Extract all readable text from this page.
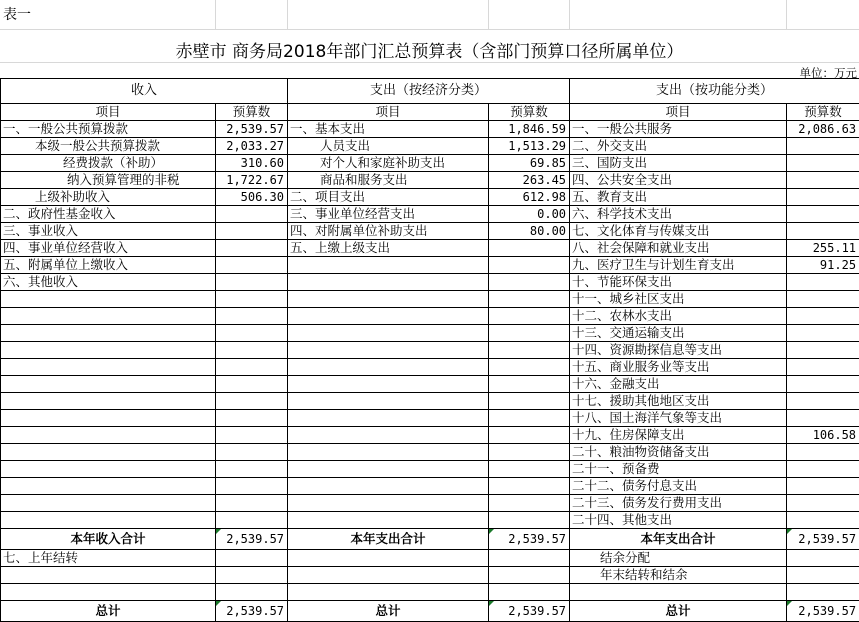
表一
赤壁市 商务局2018年部门汇总预算表（含部门预算口径所属单位）
单位：万元
收入		支出（按经济分类）		支出（按功能分类）	
项目	预算数	项目	预算数	项目	预算数
一、一般公共预算拨款	2,539.57	一、基本支出	1,846.59	一、一般公共服务	2,086.63
本级一般公共预算拨款	2,033.27	人员支出	1,513.29	二、外交支出	
经费拨款（补助）	310.60	对个人和家庭补助支出	69.85	三、国防支出	
纳入预算管理的非税	1,722.67	商品和服务支出	263.45	四、公共安全支出	
上级补助收入	506.30	二、项目支出	612.98	五、教育支出	
二、政府性基金收入		三、事业单位经营支出	0.00	六、科学技术支出	
三、事业收入		四、对附属单位补助支出	80.00	七、文化体育与传媒支出	
四、事业单位经营收入		五、上缴上级支出		八、社会保障和就业支出	255.11
五、附属单位上缴收入				九、医疗卫生与计划生育支出	91.25
六、其他收入				十、节能环保支出	
				十一、城乡社区支出	
				十二、农林水支出	
				十三、交通运输支出	
				十四、资源勘探信息等支出	
				十五、商业服务业等支出	
				十六、金融支出	
				十七、援助其他地区支出	
				十八、国土海洋气象等支出	
				十九、住房保障支出	106.58
				二十、粮油物资储备支出	
				二十一、预备费	
				二十二、债务付息支出	
				二十三、债务发行费用支出	
				二十四、其他支出	
本年收入合计	2,539.57	本年支出合计	2,539.57	本年支出合计	2,539.57
七、上年结转				结余分配	
				年末结转和结余	

总计	2,539.57	总计	2,539.57	总计	2,539.57
